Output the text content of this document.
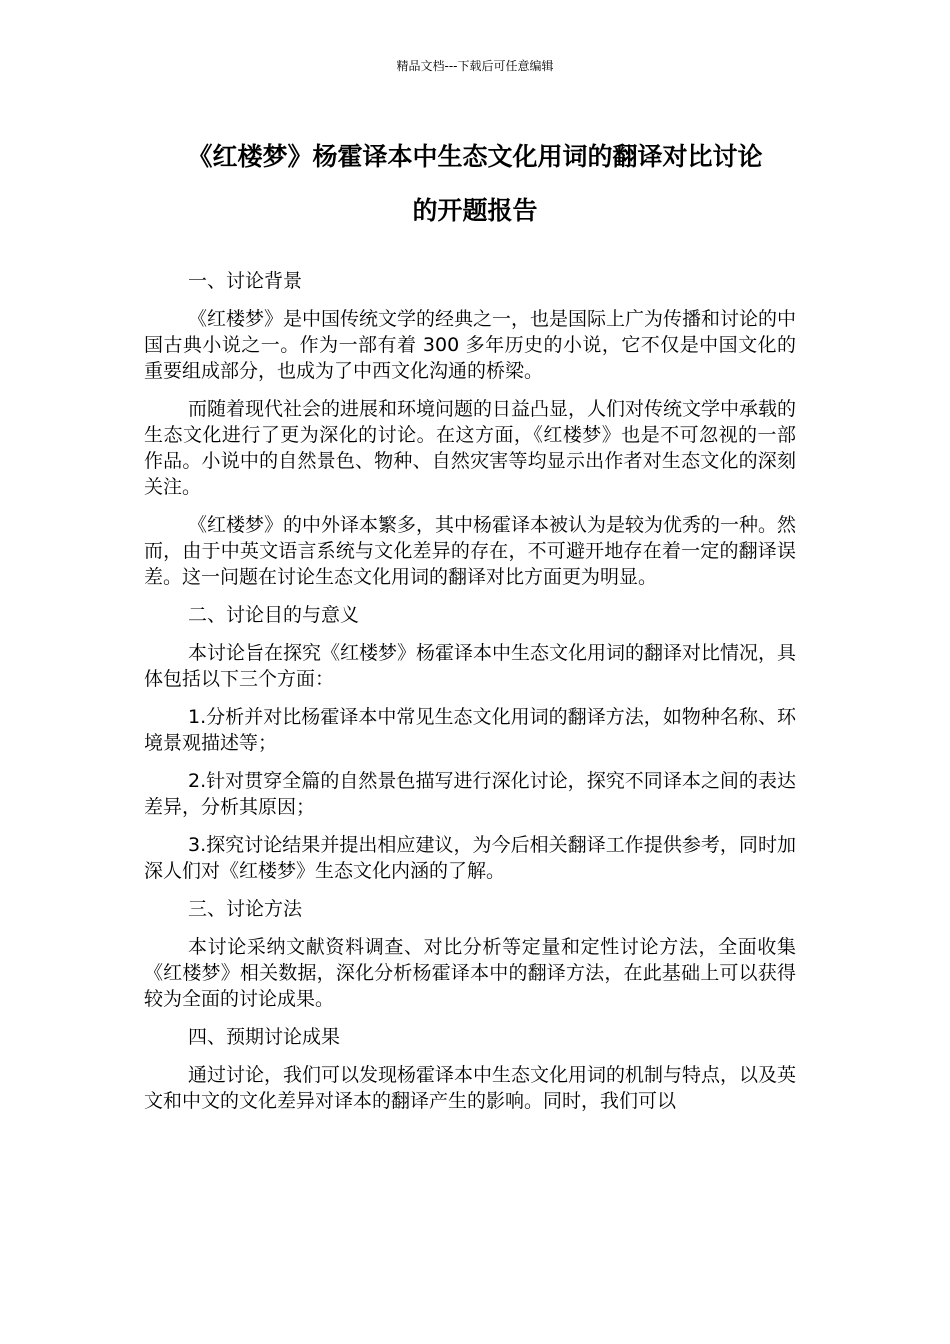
精品文档---下载后可任意编辑
《红楼梦》杨霍译本中生态文化用词的翻译对比讨论
的开题报告

一、讨论背景

《红楼梦》是中国传统文学的经典之一，也是国际上广为传播和讨论的中国古典小说之一。作为一部有着 300 多年历史的小说，它不仅是中国文化的重要组成部分，也成为了中西文化沟通的桥梁。

而随着现代社会的进展和环境问题的日益凸显，人们对传统文学中承载的生态文化进行了更为深化的讨论。在这方面，《红楼梦》也是不可忽视的一部作品。小说中的自然景色、物种、自然灾害等均显示出作者对生态文化的深刻关注。

《红楼梦》的中外译本繁多，其中杨霍译本被认为是较为优秀的一种。然而，由于中英文语言系统与文化差异的存在，不可避开地存在着一定的翻译误差。这一问题在讨论生态文化用词的翻译对比方面更为明显。

二、讨论目的与意义

本讨论旨在探究《红楼梦》杨霍译本中生态文化用词的翻译对比情况，具体包括以下三个方面：

1.分析并对比杨霍译本中常见生态文化用词的翻译方法，如物种名称、环境景观描述等；

2.针对贯穿全篇的自然景色描写进行深化讨论，探究不同译本之间的表达差异，分析其原因；

3.探究讨论结果并提出相应建议，为今后相关翻译工作提供参考，同时加深人们对《红楼梦》生态文化内涵的了解。

三、讨论方法

本讨论采纳文献资料调查、对比分析等定量和定性讨论方法，全面收集《红楼梦》相关数据，深化分析杨霍译本中的翻译方法，在此基础上可以获得较为全面的讨论成果。

四、预期讨论成果

通过讨论，我们可以发现杨霍译本中生态文化用词的机制与特点，以及英文和中文的文化差异对译本的翻译产生的影响。同时，我们可以
